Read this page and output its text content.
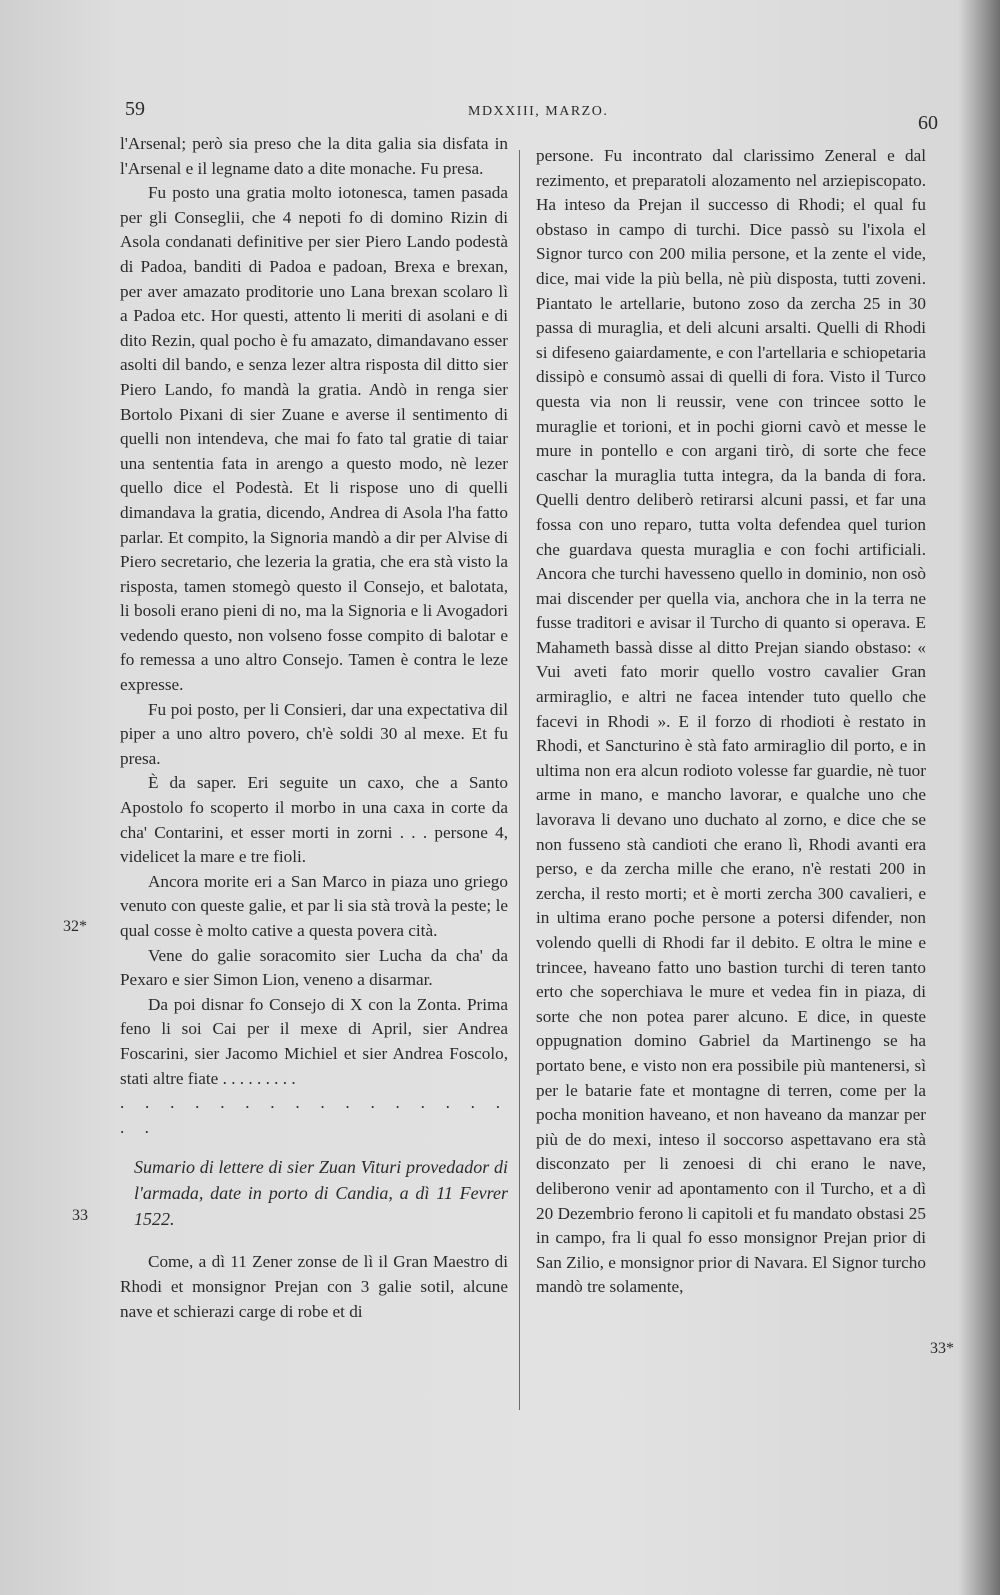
59	MDXXIII, MARZO.
60
32*
33
33*

l'Arsenal; però sia preso che la dita galia sia disfata in l'Arsenal e il legname dato a dite monache. Fu presa.

Fu posto una gratia molto iotonesca, tamen pasada per gli Conseglii, che 4 nepoti fo di domino Rizin di Asola condanati definitive per sier Piero Lando podestà di Padoa, banditi di Padoa e padoan, Brexa e brexan, per aver amazato proditorie uno Lana brexan scolaro lì a Padoa etc. Hor questi, attento li meriti di asolani e di dito Rezin, qual pocho è fu amazato, dimandavano esser asolti dil bando, e senza lezer altra risposta dil ditto sier Piero Lando, fo mandà la gratia. Andò in renga sier Bortolo Pixani di sier Zuane e averse il sentimento di quelli non intendeva, che mai fo fato tal gratie di taiar una sententia fata in arengo a questo modo, nè lezer quello dice el Podestà. Et li rispose uno di quelli dimandava la gratia, dicendo, Andrea di Asola l'ha fatto parlar. Et compito, la Signoria mandò a dir per Alvise di Piero secretario, che lezeria la gratia, che era stà visto la risposta, tamen stomegò questo il Consejo, et balotata, li bosoli erano pieni di no, ma la Signoria e li Avogadori vedendo questo, non volseno fosse compito di balotar e fo remessa a uno altro Consejo. Tamen è contra le leze expresse.

Fu poi posto, per li Consieri, dar una expectativa dil piper a uno altro povero, ch'è soldi 30 al mexe. Et fu presa.

È da saper. Eri seguite un caxo, che a Santo Apostolo fo scoperto il morbo in una caxa in corte da cha' Contarini, et esser morti in zorni . . . persone 4, videlicet la mare e tre fioli.

Ancora morite eri a San Marco in piaza uno griego venuto con queste galie, et par li sia stà trovà la peste; le qual cosse è molto cative a questa povera cità.

Vene do galie soracomito sier Lucha da cha' da Pexaro e sier Simon Lion, veneno a disarmar.

Da poi disnar fo Consejo di X con la Zonta. Prima feno li soi Cai per il mexe di April, sier Andrea Foscarini, sier Jacomo Michiel et sier Andrea Foscolo, stati altre fiate . . . . . . . . .

. . . . . . . . . . . . . . . . . .

Sumario di lettere di sier Zuan Vituri provedador di l'armada, date in porto di Candia, a dì 11 Fevrer 1522.

Come, a dì 11 Zener zonse de lì il Gran Maestro di Rhodi et monsignor Prejan con 3 galie sotil, alcune nave et schierazi carge di robe et di

persone. Fu incontrato dal clarissimo Zeneral e dal rezimento, et preparatoli alozamento nel arziepiscopato. Ha inteso da Prejan il successo di Rhodi; el qual fu obstaso in campo di turchi. Dice passò su l'ixola el Signor turco con 200 milia persone, et la zente el vide, dice, mai vide la più bella, nè più disposta, tutti zoveni. Piantato le artellarie, butono zoso da zercha 25 in 30 passa di muraglia, et deli alcuni arsalti. Quelli di Rhodi si difeseno gaiardamente, e con l'artellaria e schiopetaria dissipò e consumò assai di quelli di fora. Visto il Turco questa via non li reussir, vene con trincee sotto le muraglie et torioni, et in pochi giorni cavò et messe le mure in pontello e con argani tirò, di sorte che fece caschar la muraglia tutta integra, da la banda di fora. Quelli dentro deliberò retirarsi alcuni passi, et far una fossa con uno reparo, tutta volta defendea quel turion che guardava questa muraglia e con fochi artificiali. Ancora che turchi havesseno quello in dominio, non osò mai discender per quella via, anchora che in la terra ne fusse traditori e avisar il Turcho di quanto si operava. E Mahameth bassà disse al ditto Prejan siando obstaso: « Vui aveti fato morir quello vostro cavalier Gran armiraglio, e altri ne facea intender tuto quello che facevi in Rhodi ». E il forzo di rhodioti è restato in Rhodi, et Sancturino è stà fato armiraglio dil porto, e in ultima non era alcun rodioto volesse far guardie, nè tuor arme in mano, e mancho lavorar, e qualche uno che lavorava li devano uno duchato al zorno, e dice che se non fusseno stà candioti che erano lì, Rhodi avanti era perso, e da zercha mille che erano, n'è restati 200 in zercha, il resto morti; et è morti zercha 300 cavalieri, e in ultima erano poche persone a potersi difender, non volendo quelli di Rhodi far il debito. E oltra le mine e trincee, haveano fatto uno bastion turchi di teren tanto erto che soperchiava le mure et vedea fin in piaza, di sorte che non potea parer alcuno. E dice, in queste oppugnation domino Gabriel da Martinengo se ha portato bene, e visto non era possibile più mantenersi, sì per le batarie fate et montagne di terren, come per la pocha monition haveano, et non haveano da manzar per più de do mexi, inteso il soccorso aspettavano era stà disconzato per li zenoesi di chi erano le nave, deliberono venir ad apontamento con il Turcho, et a dì 20 Dezembrio ferono li capitoli et fu mandato obstasi 25 in campo, fra li qual fo esso monsignor Prejan prior di San Zilio, e monsignor prior di Navara. El Signor turcho mandò tre solamente,
